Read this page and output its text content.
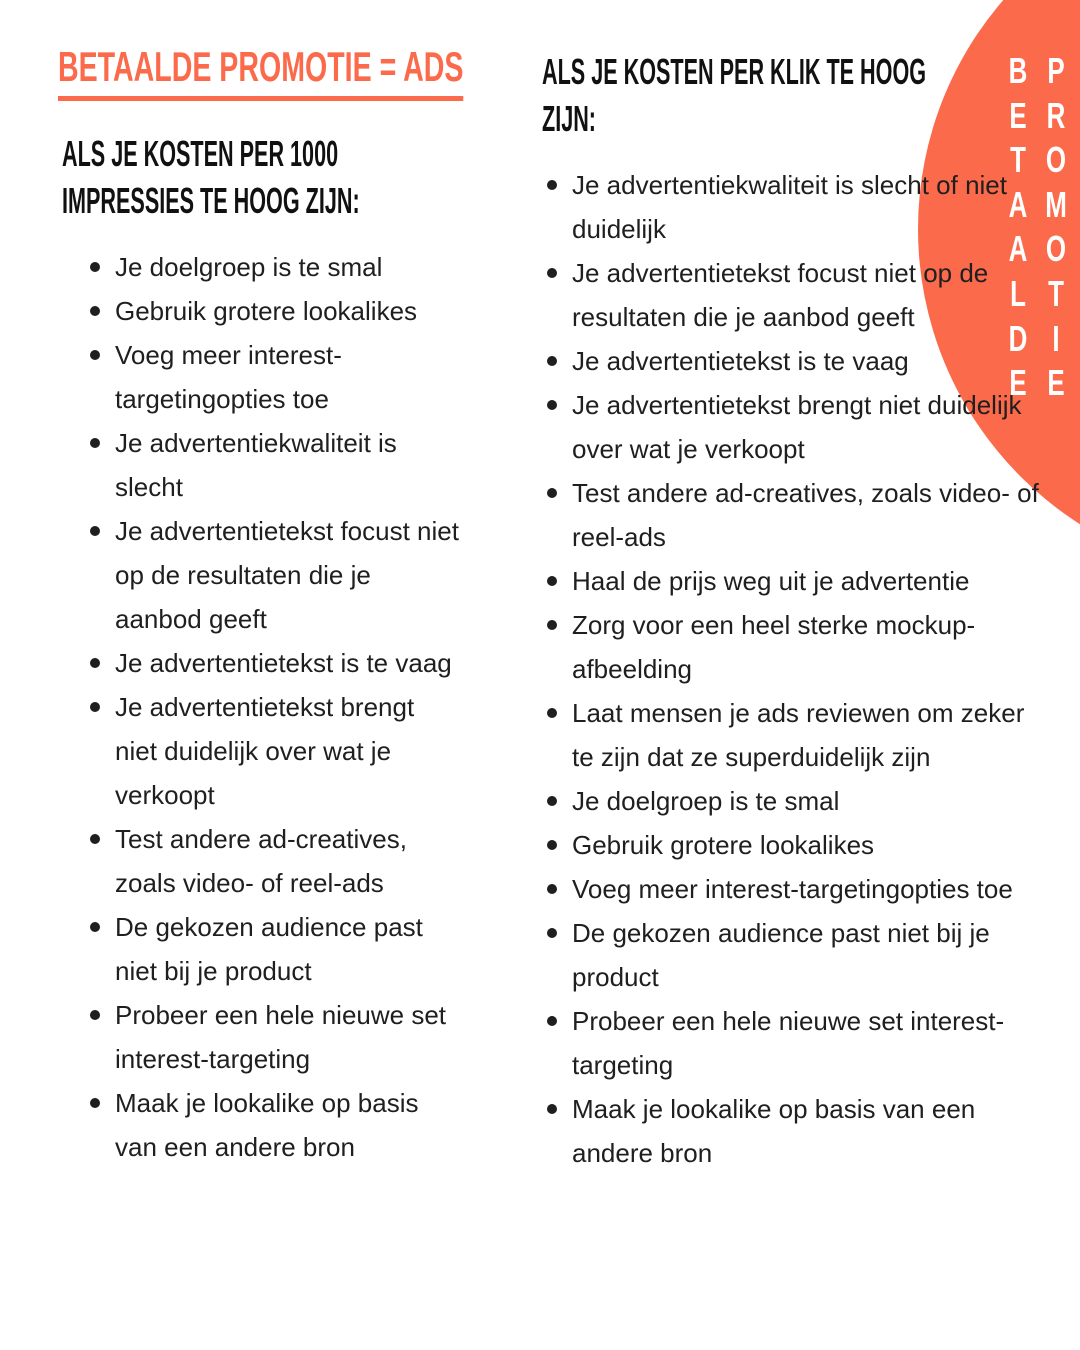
B
E
T
A
A
L
D
E
P
R
O
M
O
T
I
E
BETAALDE PROMOTIE = ADS
ALS JE KOSTEN PER 1000
IMPRESSIES TE HOOG ZIJN:
ALS JE KOSTEN PER KLIK TE HOOG
ZIJN:
Je doelgroep is te smal
Gebruik grotere lookalikes
Voeg meer interest-targetingopties toe
Je advertentiekwaliteit is slecht
Je advertentietekst focust niet op de resultaten die je aanbod geeft
Je advertentietekst is te vaag
Je advertentietekst brengt niet duidelijk over wat je verkoopt
Test andere ad-creatives, zoals video- of reel-ads
De gekozen audience past niet bij je product
Probeer een hele nieuwe set interest-targeting
Maak je lookalike op basis van een andere bron
Je advertentiekwaliteit is slecht of niet duidelijk
Je advertentietekst focust niet op de resultaten die je aanbod geeft
Je advertentietekst is te vaag
Je advertentietekst brengt niet duidelijk over wat je verkoopt
Test andere ad-creatives, zoals video- of reel-ads
Haal de prijs weg uit je advertentie
Zorg voor een heel sterke mockup-afbeelding
Laat mensen je ads reviewen om zeker te zijn dat ze superduidelijk zijn
Je doelgroep is te smal
Gebruik grotere lookalikes
Voeg meer interest-targetingopties toe
De gekozen audience past niet bij je product
Probeer een hele nieuwe set interest-targeting
Maak je lookalike op basis van een andere bron
